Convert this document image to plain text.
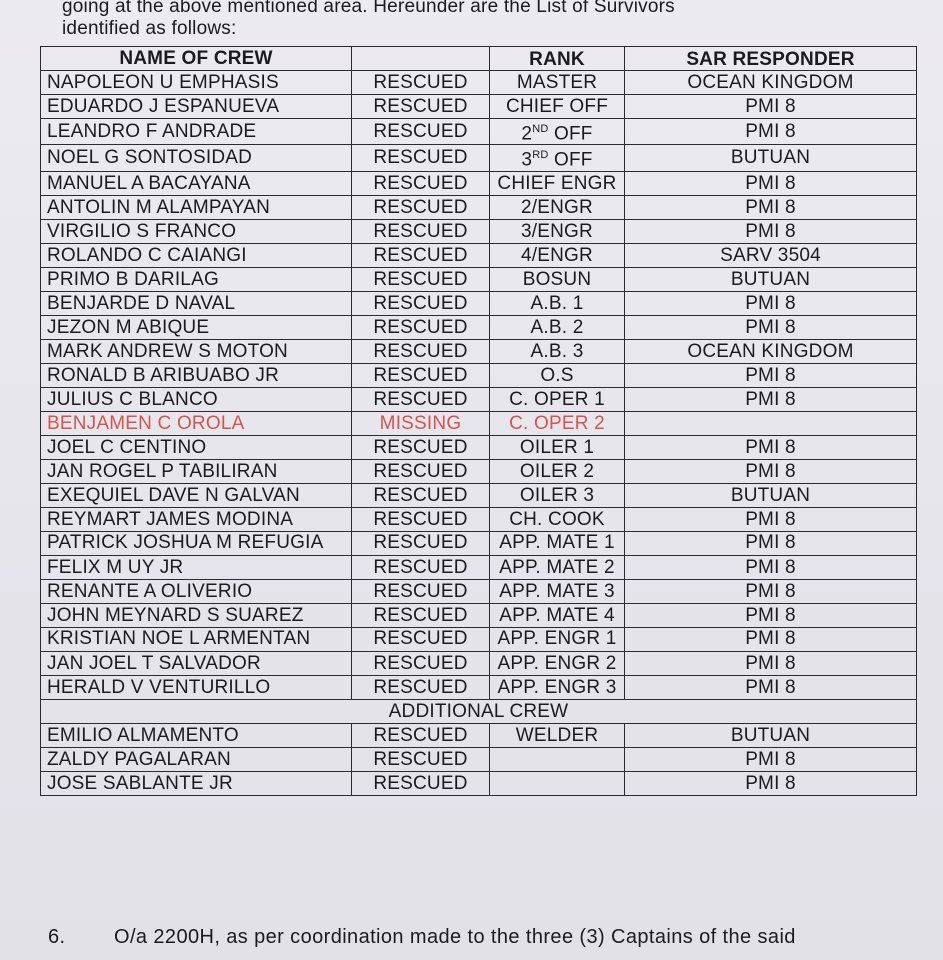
going at the above mentioned area. Hereunder are the List of Survivors
identified as follows:
NAME OF CREW		RANK	SAR RESPONDER
NAPOLEON U EMPHASIS	RESCUED	MASTER	OCEAN KINGDOM
EDUARDO J ESPANUEVA	RESCUED	CHIEF OFF	PMI 8
LEANDRO F ANDRADE	RESCUED	2ND OFF	PMI 8
NOEL G SONTOSIDAD	RESCUED	3RD OFF	BUTUAN
MANUEL A BACAYANA	RESCUED	CHIEF ENGR	PMI 8
ANTOLIN M ALAMPAYAN	RESCUED	2/ENGR	PMI 8
VIRGILIO S FRANCO	RESCUED	3/ENGR	PMI 8
ROLANDO C CAIANGI	RESCUED	4/ENGR	SARV 3504
PRIMO B DARILAG	RESCUED	BOSUN	BUTUAN
BENJARDE D NAVAL	RESCUED	A.B. 1	PMI 8
JEZON M ABIQUE	RESCUED	A.B. 2	PMI 8
MARK ANDREW S MOTON	RESCUED	A.B. 3	OCEAN KINGDOM
RONALD B ARIBUABO JR	RESCUED	O.S	PMI 8
JULIUS C BLANCO	RESCUED	C. OPER 1	PMI 8
BENJAMEN C OROLA	MISSING	C. OPER 2	
JOEL C CENTINO	RESCUED	OILER 1	PMI 8
JAN ROGEL P TABILIRAN	RESCUED	OILER 2	PMI 8
EXEQUIEL DAVE N GALVAN	RESCUED	OILER 3	BUTUAN
REYMART JAMES MODINA	RESCUED	CH. COOK	PMI 8
PATRICK JOSHUA M REFUGIA	RESCUED	APP. MATE 1	PMI 8
FELIX M UY JR	RESCUED	APP. MATE 2	PMI 8
RENANTE A OLIVERIO	RESCUED	APP. MATE 3	PMI 8
JOHN MEYNARD S SUAREZ	RESCUED	APP. MATE 4	PMI 8
KRISTIAN NOE L ARMENTAN	RESCUED	APP. ENGR 1	PMI 8
JAN JOEL T SALVADOR	RESCUED	APP. ENGR 2	PMI 8
HERALD V VENTURILLO	RESCUED	APP. ENGR 3	PMI 8
ADDITIONAL CREW			
EMILIO ALMAMENTO	RESCUED	WELDER	BUTUAN
ZALDY PAGALARAN	RESCUED		PMI 8
JOSE SABLANTE JR	RESCUED		PMI 8
6. O/a 2200H, as per coordination made to the three (3) Captains of the said
